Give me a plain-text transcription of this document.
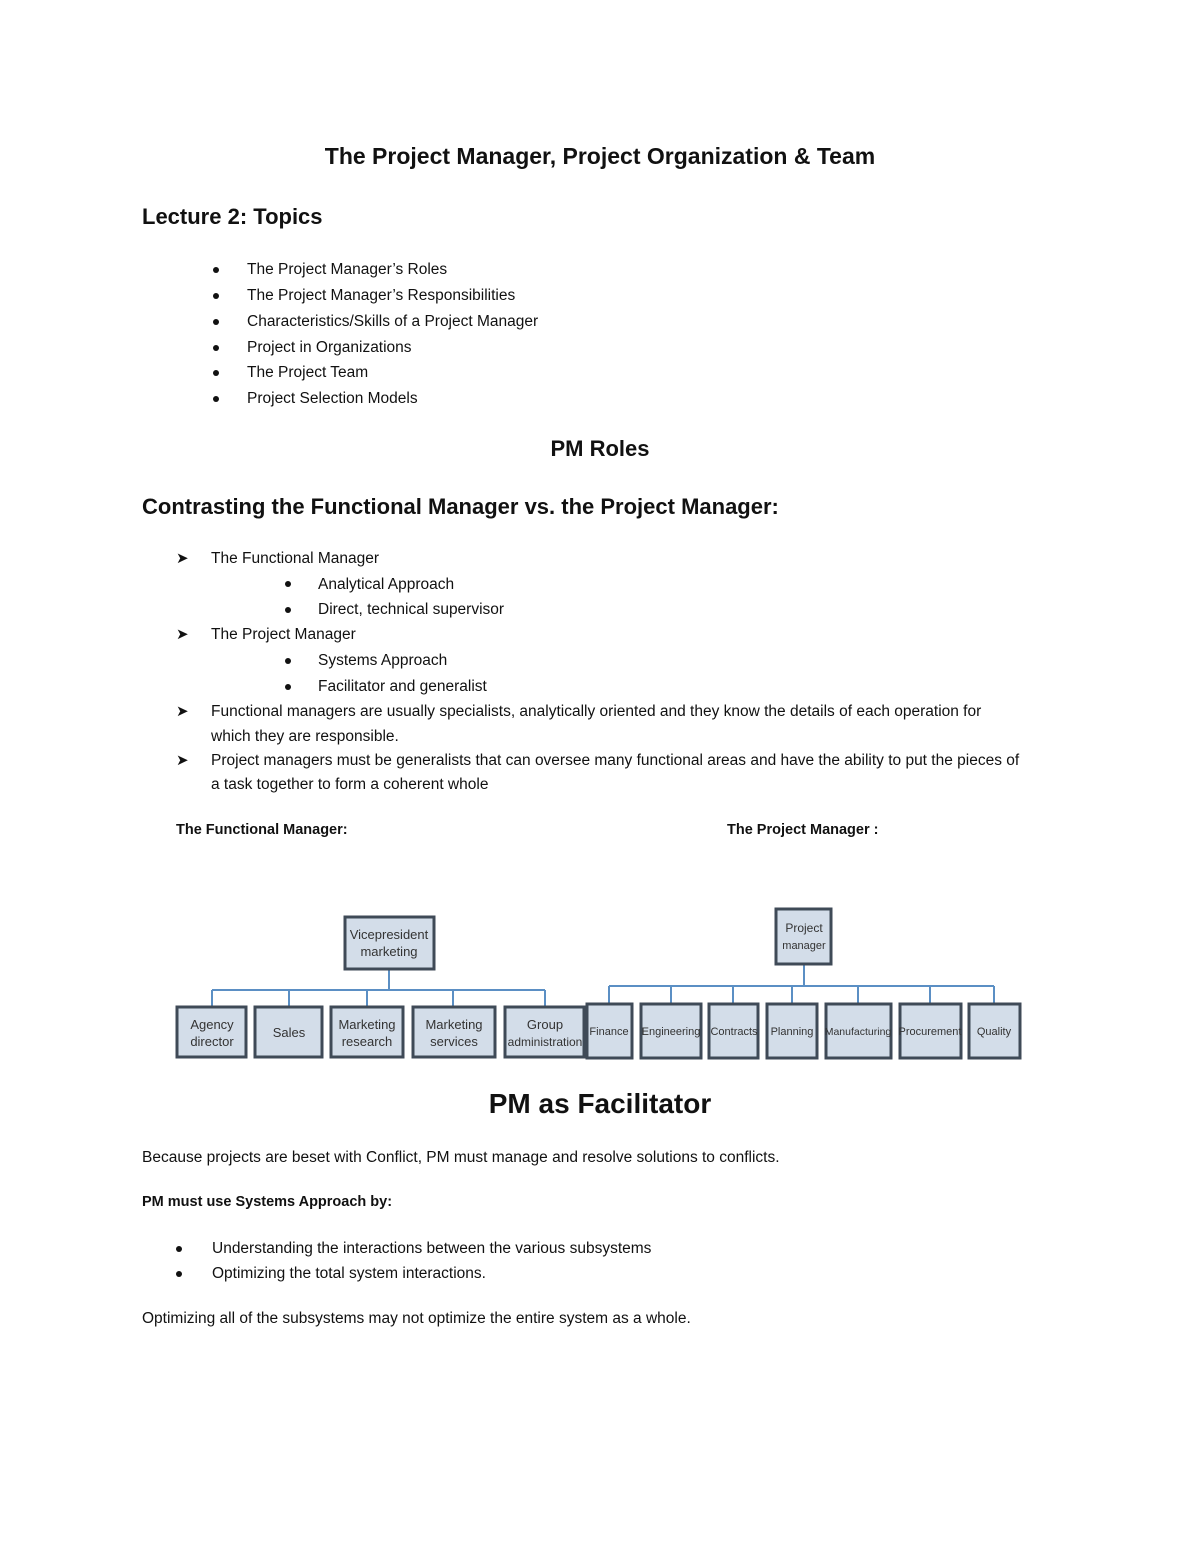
The Project Manager, Project Organization & Team
Lecture 2: Topics
The Project Manager’s Roles
The Project Manager’s Responsibilities
Characteristics/Skills of a Project Manager
Project in Organizations
The Project Team
Project Selection Models
PM Roles
Contrasting the Functional Manager vs. the Project Manager:
➤ The Functional Manager
Analytical Approach
Direct, technical supervisor
➤ The Project Manager
Systems Approach
Facilitator and generalist
➤ Functional managers are usually specialists, analytically oriented and they know the details of each operation for
which they are responsible.
➤ Project managers must be generalists that can oversee many functional areas and have the ability to put the pieces of
a task together to form a coherent whole
The Functional Manager:	The Project Manager :
Vicepresident
marketing
Agency
director
Sales
Marketing
research
Marketing
services
Group
administration
Project
manager
Finance Engineering Contracts Planning Manufacturing Procurement Quality
PM as Facilitator
Because projects are beset with Conflict, PM must manage and resolve solutions to conflicts.
PM must use Systems Approach by:
Understanding the interactions between the various subsystems
Optimizing the total system interactions.
Optimizing all of the subsystems may not optimize the entire system as a whole.
